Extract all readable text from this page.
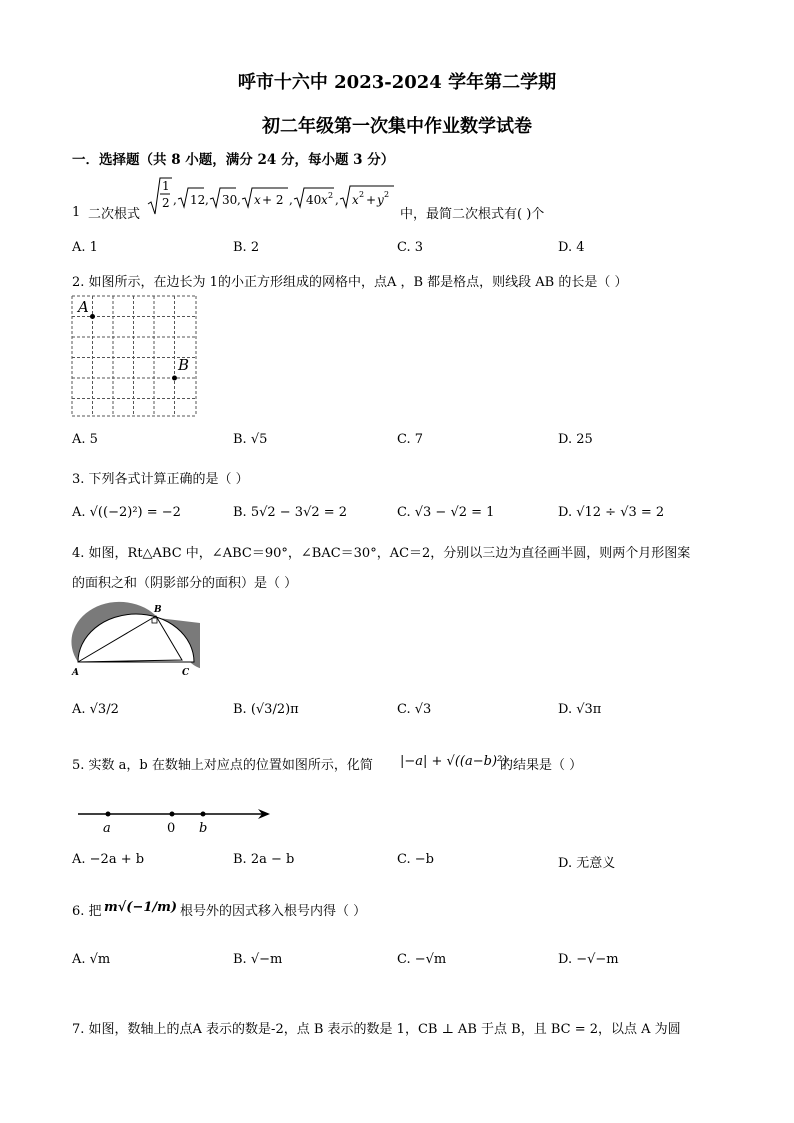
呼市十六中 2023-2024 学年第二学期
初二年级第一次集中作业数学试卷
一．选择题（共 8 小题，满分 24 分，每小题 3 分）
1 二次根式
1
2 , 12 , 30 , x + 2 , 40 x 2 , x 2 + y 2
中，最简二次根式有( )个
A. 1	B. 2	C. 3	D. 4
2. 如图所示，在边长为 1的小正方形组成的网格中，点A ，B 都是格点，则线段 AB 的长是（ ）
A
B
A. 5	B. √5	C. 7	D. 25
3. 下列各式计算正确的是（ ）
A. √((−2)²) = −2	B. 5√2 − 3√2 = 2	C. √3 − √2 = 1	D. √12 ÷ √3 = 2
4. 如图，Rt△ABC 中，∠ABC＝90°，∠BAC＝30°，AC＝2，分别以三边为直径画半圆，则两个月形图案
的面积之和（阴影部分的面积）是（ ）
A
B
C
A. √3/2	B. (√3/2)π	C. √3	D. √3π
5. 实数 a，b 在数轴上对应点的位置如图所示，化简 |−a| + √((a−b)²)
的结果是（ ）
a	0 b
A. −2a + b	B. 2a − b	C. −b	D. 无意义
6. 把 m√(−1/m) 根号外的因式移入根号内得（ ）
A. √m	B. √−m	C. −√m	D. −√−m
7. 如图，数轴上的点A 表示的数是-2，点 B 表示的数是 1，CB ⊥ AB 于点 B，且 BC = 2，以点 A 为圆
